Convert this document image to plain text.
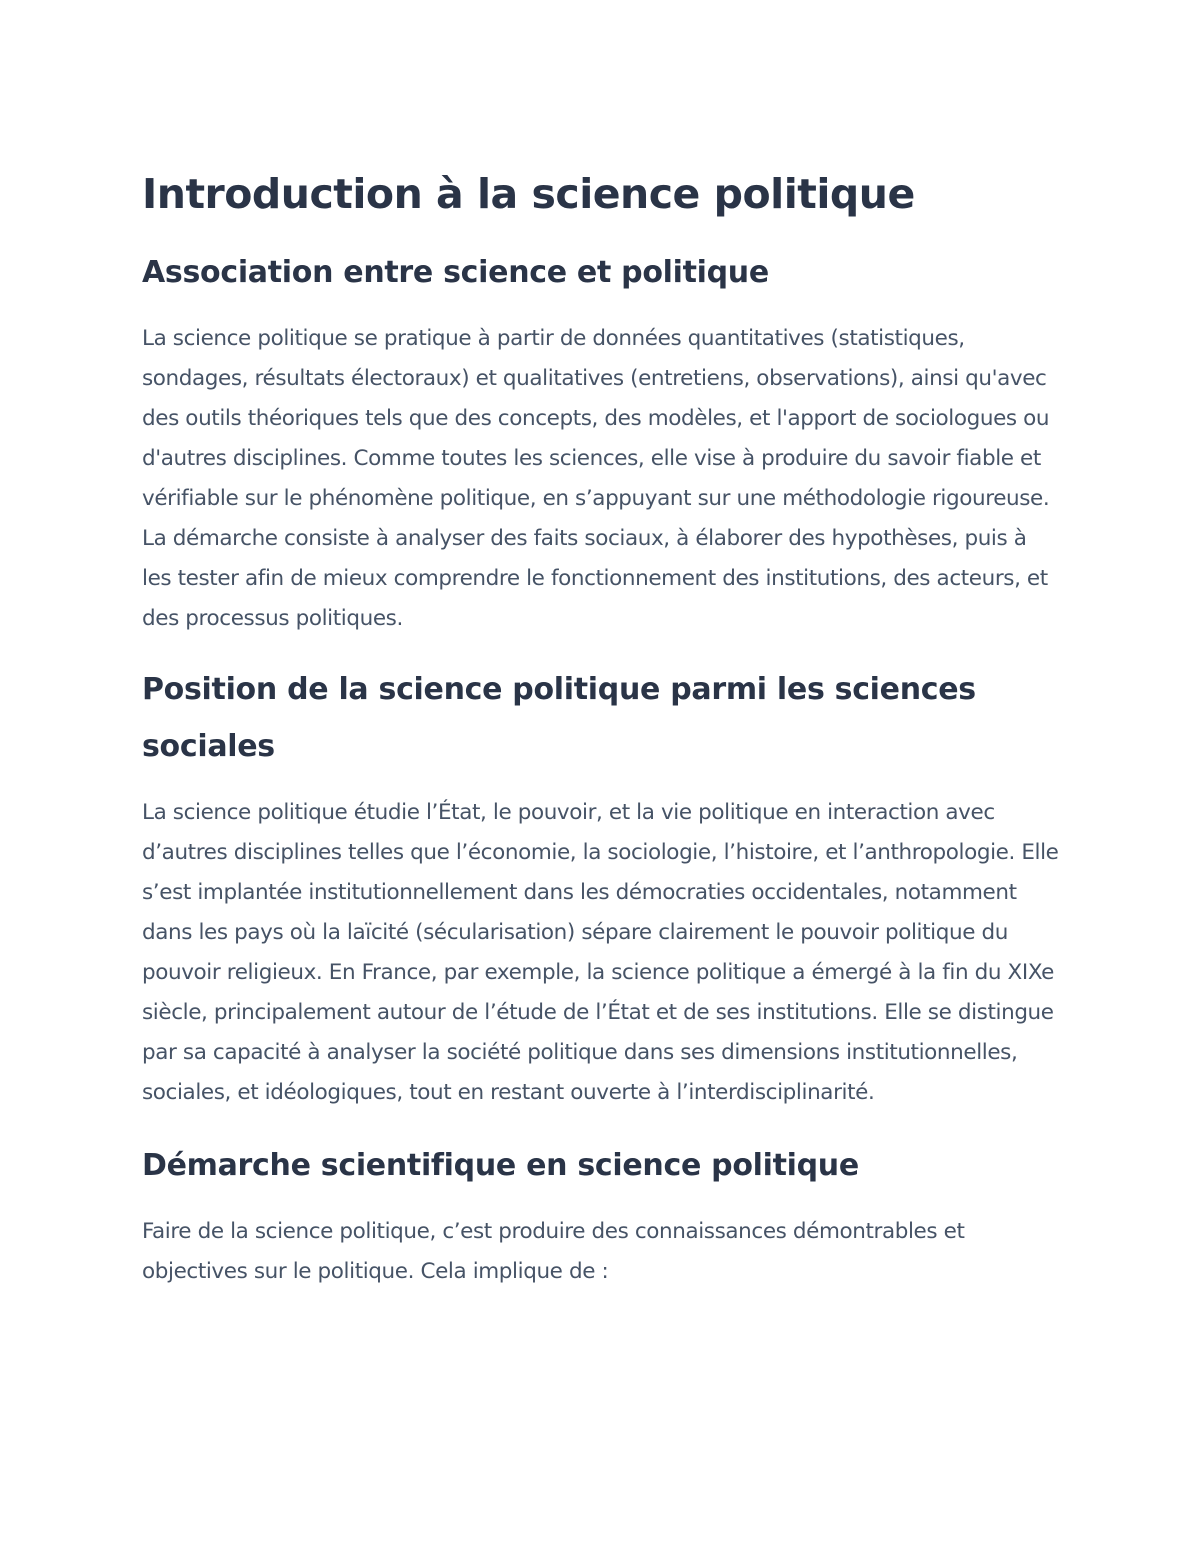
Introduction à la science politique
Association entre science et politique

La science politique se pratique à partir de données quantitatives (statistiques, sondages, résultats électoraux) et qualitatives (entretiens, observations), ainsi qu'avec des outils théoriques tels que des concepts, des modèles, et l'apport de sociologues ou d'autres disciplines. Comme toutes les sciences, elle vise à produire du savoir fiable et vérifiable sur le phénomène politique, en s’appuyant sur une méthodologie rigoureuse. La démarche consiste à analyser des faits sociaux, à élaborer des hypothèses, puis à les tester afin de mieux comprendre le fonctionnement des institutions, des acteurs, et des processus politiques.

Position de la science politique parmi les sciences sociales

La science politique étudie l’État, le pouvoir, et la vie politique en interaction avec d’autres disciplines telles que l’économie, la sociologie, l’histoire, et l’anthropologie. Elle s’est implantée institutionnellement dans les démocraties occidentales, notamment dans les pays où la laïcité (sécularisation) sépare clairement le pouvoir politique du pouvoir religieux. En France, par exemple, la science politique a émergé à la fin du XIXe siècle, principalement autour de l’étude de l’État et de ses institutions. Elle se distingue par sa capacité à analyser la société politique dans ses dimensions institutionnelles, sociales, et idéologiques, tout en restant ouverte à l’interdisciplinarité.

Démarche scientifique en science politique

Faire de la science politique, c’est produire des connaissances démontrables et objectives sur le politique. Cela implique de :
